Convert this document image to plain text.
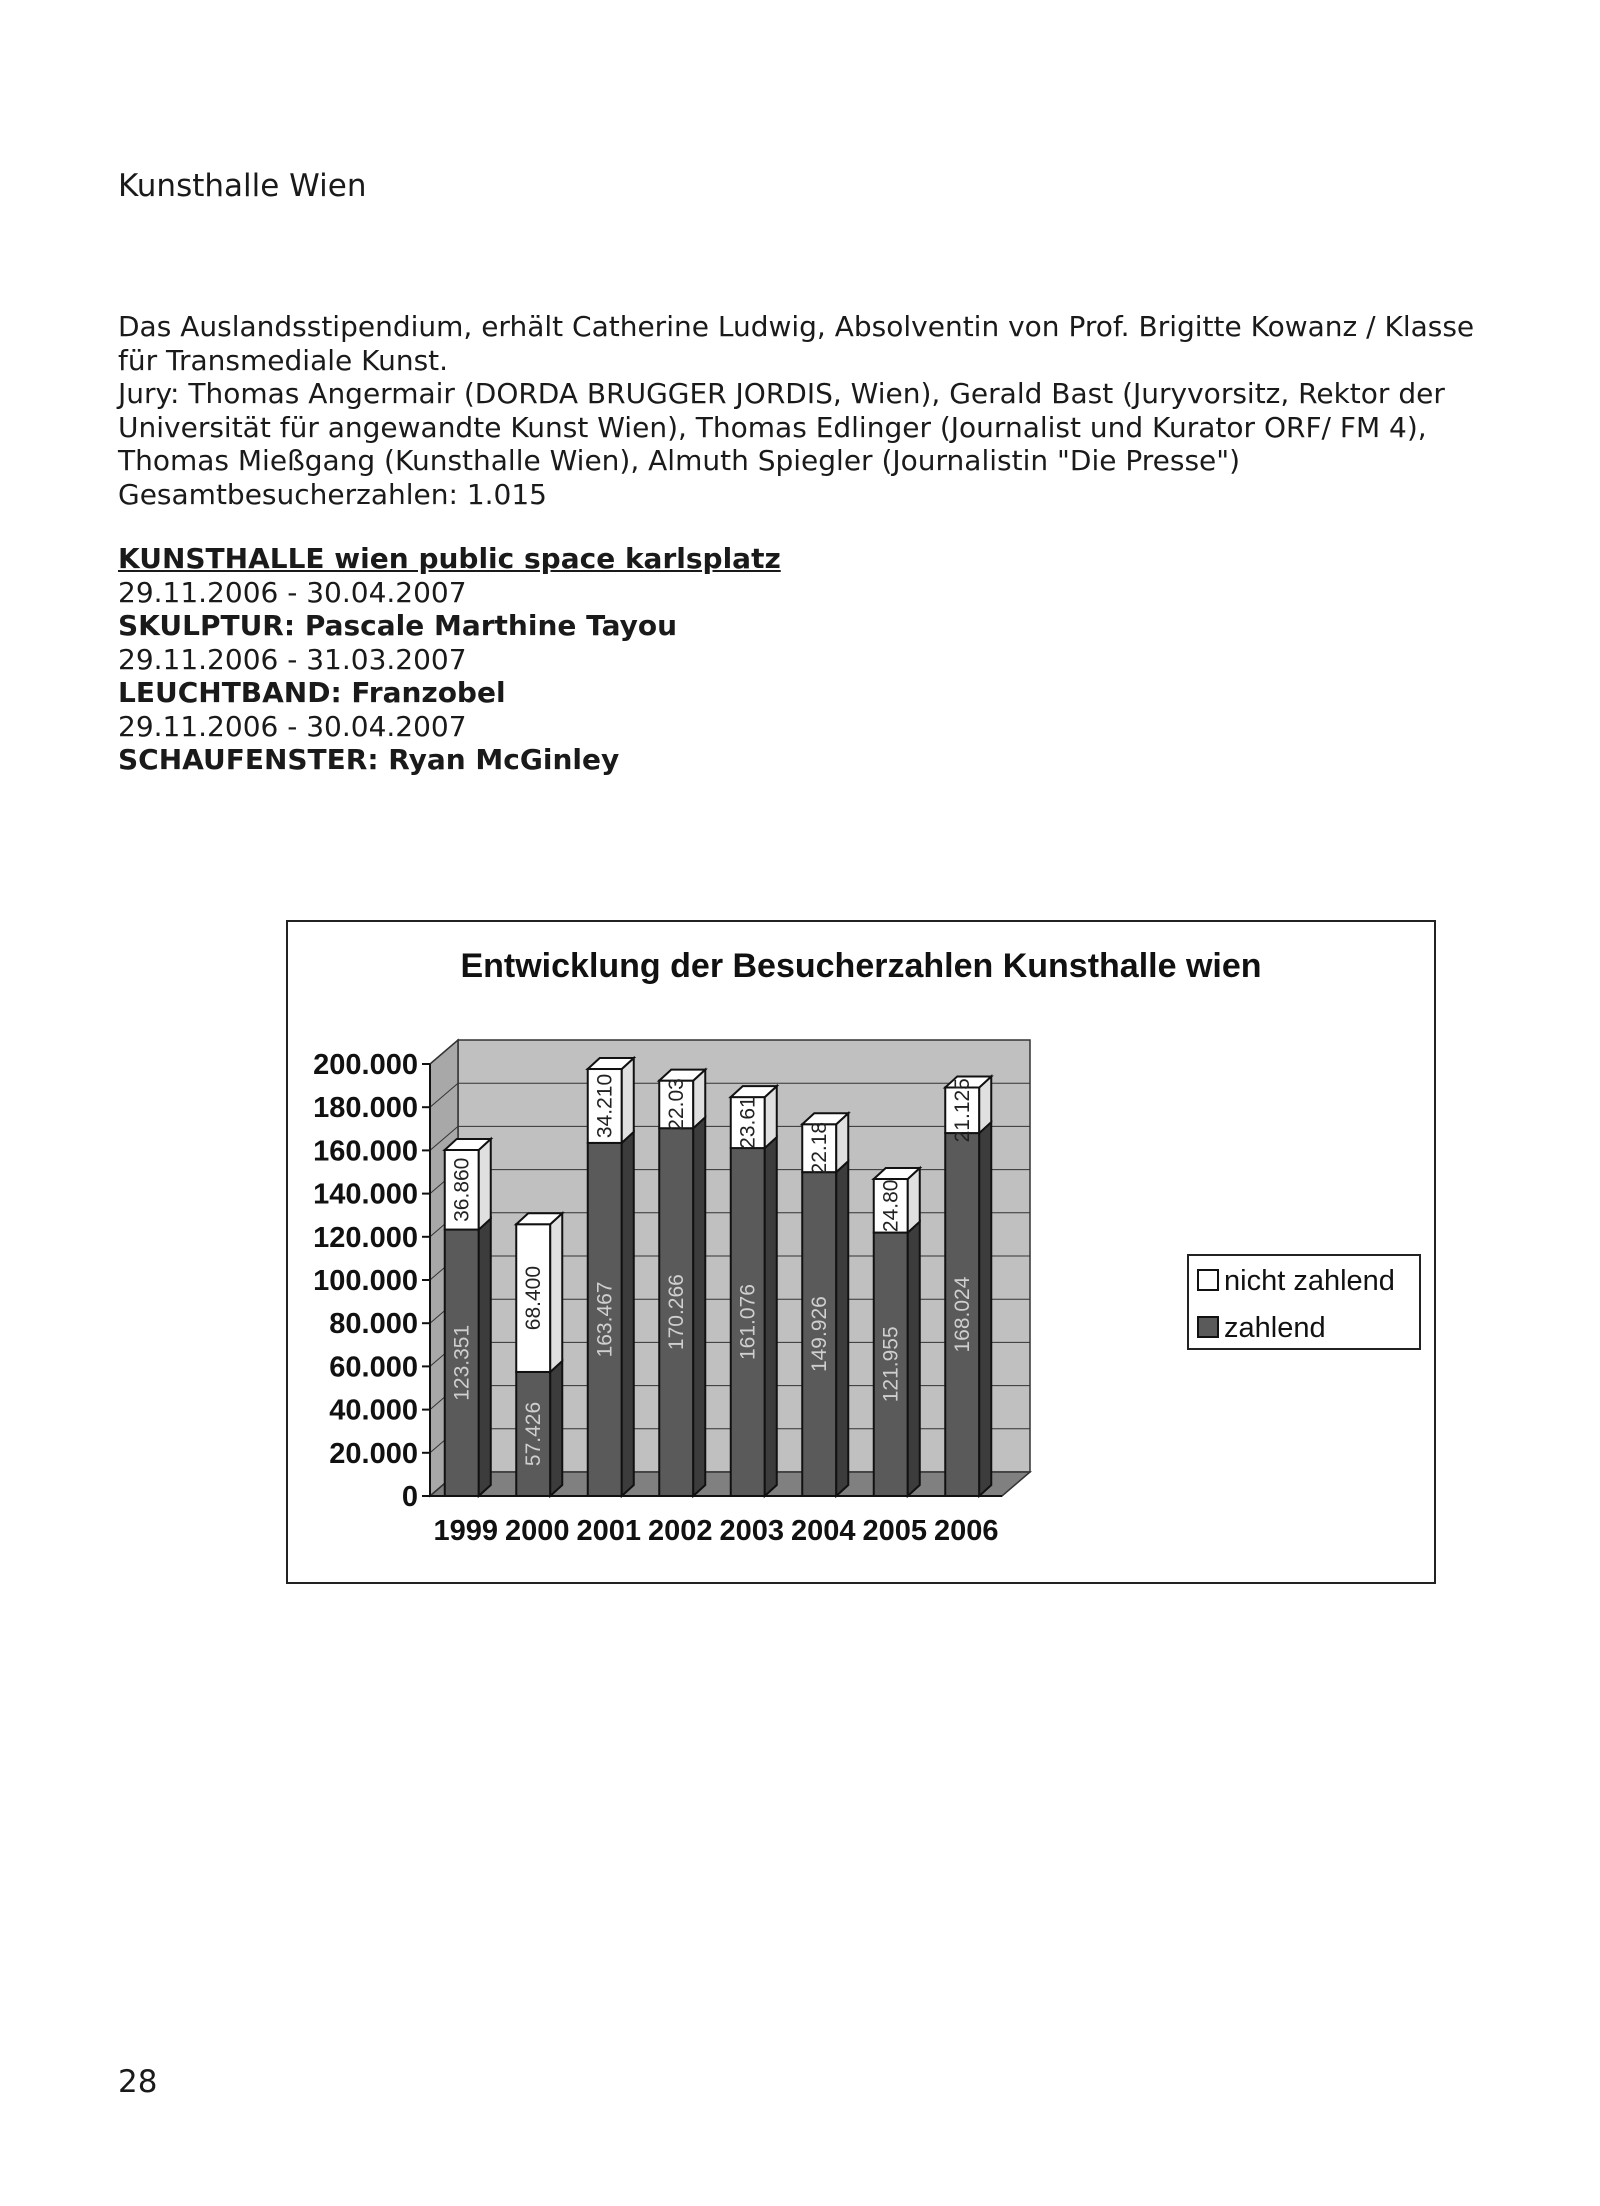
Kunsthalle Wien

Das Auslandsstipendium, erhält Catherine Ludwig, Absolventin von Prof. Brigitte Kowanz / Klasse

für Transmediale Kunst.

Jury: Thomas Angermair (DORDA BRUGGER JORDIS, Wien), Gerald Bast (Juryvorsitz, Rektor der

Universität für angewandte Kunst Wien), Thomas Edlinger (Journalist und Kurator ORF/ FM 4),

Thomas Mießgang (Kunsthalle Wien), Almuth Spiegler (Journalistin "Die Presse")

Gesamtbesucherzahlen: 1.015

KUNSTHALLE wien public space karlsplatz

29.11.2006 - 30.04.2007

SKULPTUR: Pascale Marthine Tayou

29.11.2006 - 31.03.2007

LEUCHTBAND: Franzobel

29.11.2006 - 30.04.2007

SCHAUFENSTER: Ryan McGinley

Entwicklung der Besucherzahlen Kunsthalle wien
0
20.000
40.000
60.000
80.000
100.000
120.000
140.000
160.000
180.000
200.000
123.351
36.860
57.426
68.400 163.467
34.210
170.266
22.03
161.076
23.61
149.926
22.18
121.955
24.80
168.024
21.125
1999 2000 2001 2002 2003 2004 2005 2006
nicht zahlend
zahlend
28
